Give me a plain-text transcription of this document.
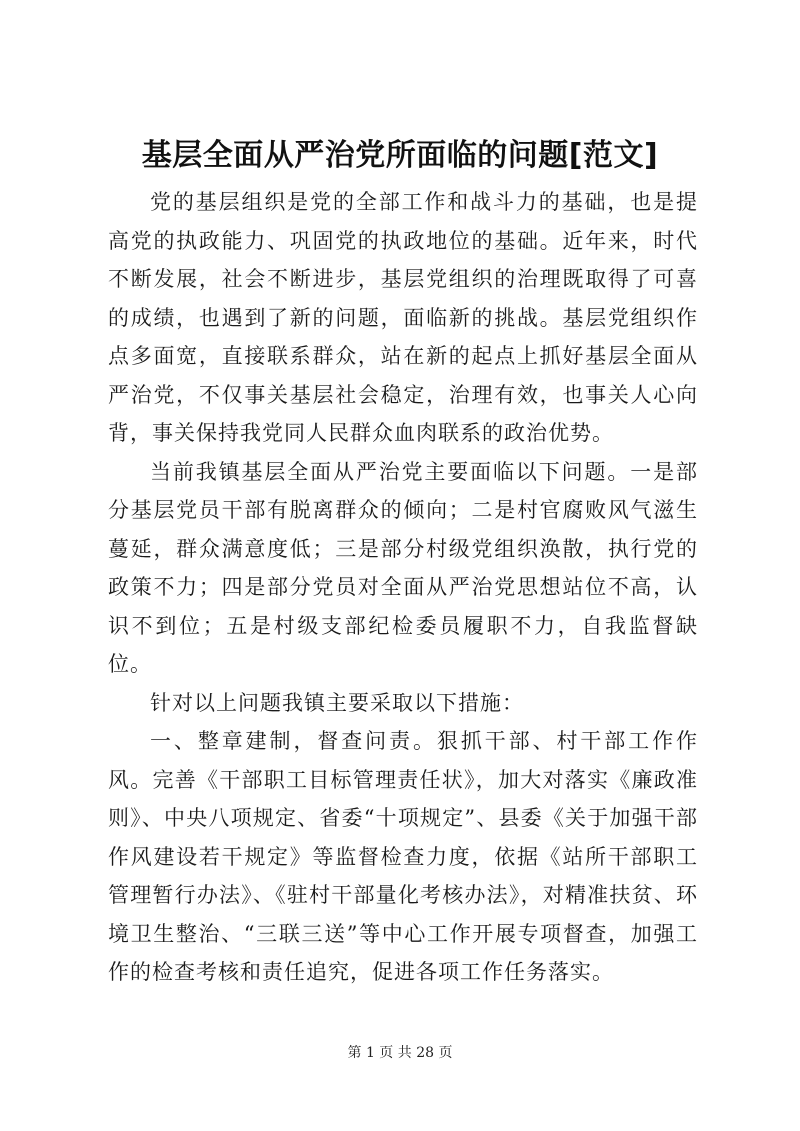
基层全面从严治党所面临的问题[范文]

党的基层组织是党的全部工作和战斗力的基础，也是提高党的执政能力、巩固党的执政地位的基础。近年来，时代不断发展，社会不断进步，基层党组织的治理既取得了可喜的成绩，也遇到了新的问题，面临新的挑战。基层党组织作点多面宽，直接联系群众，站在新的起点上抓好基层全面从严治党，不仅事关基层社会稳定，治理有效，也事关人心向背，事关保持我党同人民群众血肉联系的政治优势。

当前我镇基层全面从严治党主要面临以下问题。一是部分基层党员干部有脱离群众的倾向；二是村官腐败风气滋生蔓延，群众满意度低；三是部分村级党组织涣散，执行党的政策不力；四是部分党员对全面从严治党思想站位不高，认识不到位；五是村级支部纪检委员履职不力，自我监督缺位。

针对以上问题我镇主要采取以下措施：

一、整章建制，督查问责。狠抓干部、村干部工作作风。完善《干部职工目标管理责任状》，加大对落实《廉政准则》、中央八项规定、省委“十项规定”、县委《关于加强干部作风建设若干规定》等监督检查力度，依据《站所干部职工管理暂行办法》、《驻村干部量化考核办法》，对精准扶贫、环境卫生整治、“三联三送”等中心工作开展专项督查，加强工作的检查考核和责任追究，促进各项工作任务落实。

第 1 页 共 28 页
